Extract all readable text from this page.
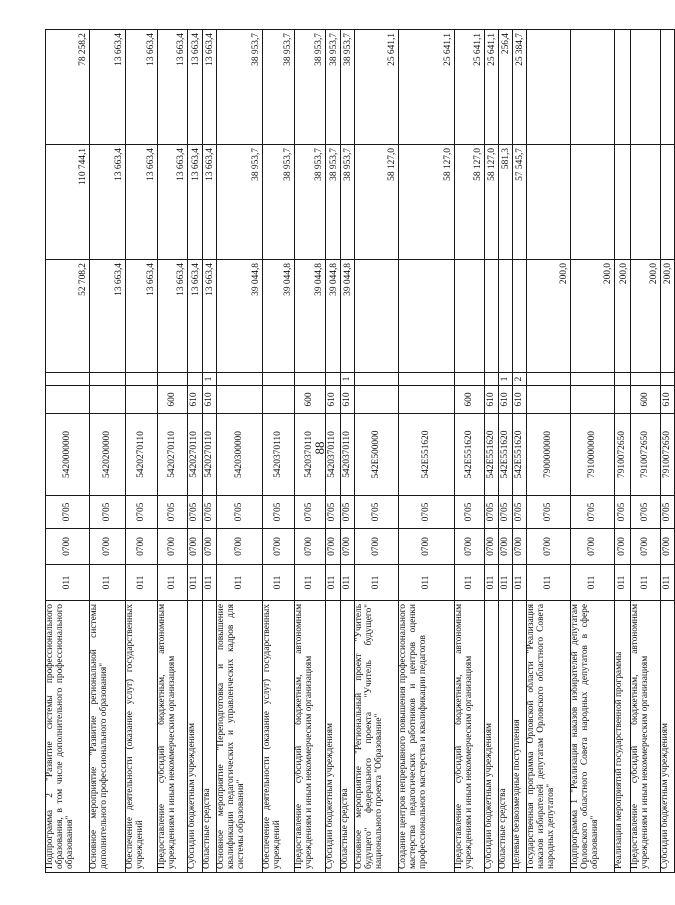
88
Подпрограмма 2 "Развитие системы профессионального образования, в том числе дополнительного профессионального образования"	011	0700	0705	5420000000			52 708,2	110 744,1	78 258,2
Основное мероприятие "Развитие региональной системы дополнительного профессионального образования"	011	0700	0705	5420200000			13 663,4	13 663,4	13 663,4
Обеспечение деятельности (оказание услуг) государственных учреждений	011	0700	0705	5420270110			13 663,4	13 663,4	13 663,4
Предоставление субсидий бюджетным, автономным учреждениям и иным некоммерческим организациям	011	0700	0705	5420270110	600		13 663,4	13 663,4	13 663,4
Субсидии бюджетным учреждениям	011	0700	0705	5420270110	610		13 663,4	13 663,4	13 663,4
Областные средства	011	0700	0705	5420270110	610	1	13 663,4	13 663,4	13 663,4
Основное мероприятие "Переподготовка и повышение квалификации педагогических и управленческих кадров для системы образования"	011	0700	0705	5420300000			39 044,8	38 953,7	38 953,7
Обеспечение деятельности (оказание услуг) государственных учреждений	011	0700	0705	5420370110			39 044,8	38 953,7	38 953,7
Предоставление субсидий бюджетным, автономным учреждениям и иным некоммерческим организациям	011	0700	0705	5420370110	600		39 044,8	38 953,7	38 953,7
Субсидии бюджетным учреждениям	011	0700	0705	5420370110	610		39 044,8	38 953,7	38 953,7
Областные средства	011	0700	0705	5420370110	610	1	39 044,8	38 953,7	38 953,7
Основное мероприятие "Региональный проект "Учитель будущего" федерального проекта "Учитель будущего" национального проекта "Образование"	011	0700	0705	542E500000				58 127,0	25 641,1
Создание центров непрерывного повышения профессионального мастерства педагогических работников и центров оценки профессионального мастерства и квалификации педагогов	011	0700	0705	542E551620				58 127,0	25 641,1
Предоставление субсидий бюджетным, автономным учреждениям и иным некоммерческим организациям	011	0700	0705	542E551620	600			58 127,0	25 641,1
Субсидии бюджетным учреждениям	011	0700	0705	542E551620	610			58 127,0	25 641,1
Областные средства	011	0700	0705	542E551620	610	1		581,3	256,4
Целевые безвозмездные поступления	011	0700	0705	542E551620	610	2		57 545,7	25 384,7
Государственная программа Орловской области "Реализация наказов избирателей депутатам Орловского областного Совета народных депутатов"	011	0700	0705	7900000000			200,0		
Подпрограмма 1 "Реализация наказов избирателей депутатам Орловского областного Совета народных депутатов в сфере образования"	011	0700	0705	7910000000			200,0		
Реализация мероприятий государственной программы	011	0700	0705	7910072650			200,0		
Предоставление субсидий бюджетным, автономным учреждениям и иным некоммерческим организациям	011	0700	0705	7910072650	600		200,0		
Субсидии бюджетным учреждениям	011	0700	0705	7910072650	610		200,0		
